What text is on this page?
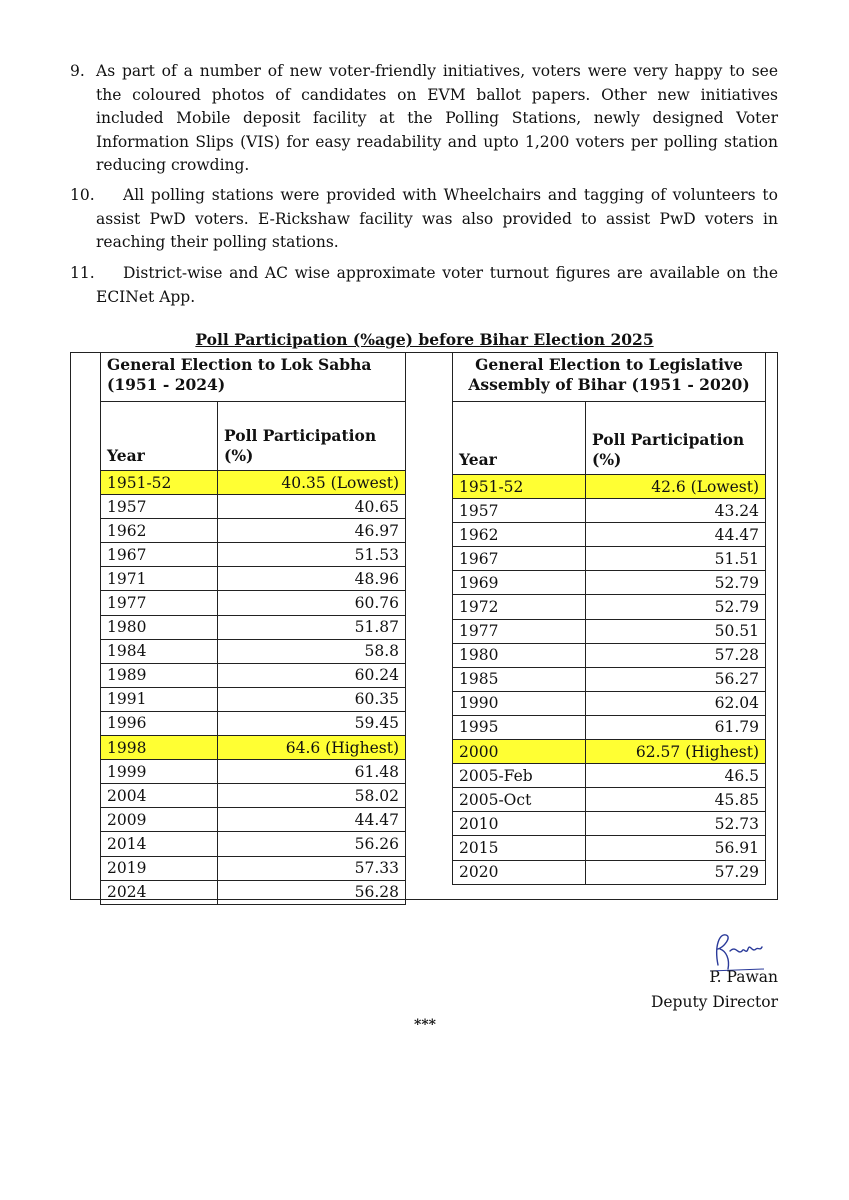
9. As part of a number of new voter-friendly initiatives, voters were very happy to see the coloured photos of candidates on EVM ballot papers. Other new initiatives included Mobile deposit facility at the Polling Stations, newly designed Voter Information Slips (VIS) for easy readability and upto 1,200 voters per polling station reducing crowding.
10.	All polling stations were provided with Wheelchairs and tagging of volunteers to assist PwD voters. E-Rickshaw facility was also provided to assist PwD voters in reaching their polling stations.
11.	District-wise and AC wise approximate voter turnout figures are available on the ECINet App.
Poll Participation (%age) before Bihar Election 2025
General Election to Lok Sabha (1951 - 2024)	
Year	Poll Participation (%)
1951-52	40.35 (Lowest)
1957	40.65
1962	46.97
1967	51.53
1971	48.96
1977	60.76
1980	51.87
1984	58.8
1989	60.24
1991	60.35
1996	59.45
1998	64.6 (Highest)
1999	61.48
2004	58.02
2009	44.47
2014	56.26
2019	57.33
2024	56.28
General Election to Legislative Assembly of Bihar (1951 - 2020)	
Year	Poll Participation (%)
1951-52	42.6 (Lowest)
1957	43.24
1962	44.47
1967	51.51
1969	52.79
1972	52.79
1977	50.51
1980	57.28
1985	56.27
1990	62.04
1995	61.79
2000	62.57 (Highest)
2005-Feb	46.5
2005-Oct	45.85
2010	52.73
2015	56.91
2020	57.29
P. Pawan
Deputy Director
***
